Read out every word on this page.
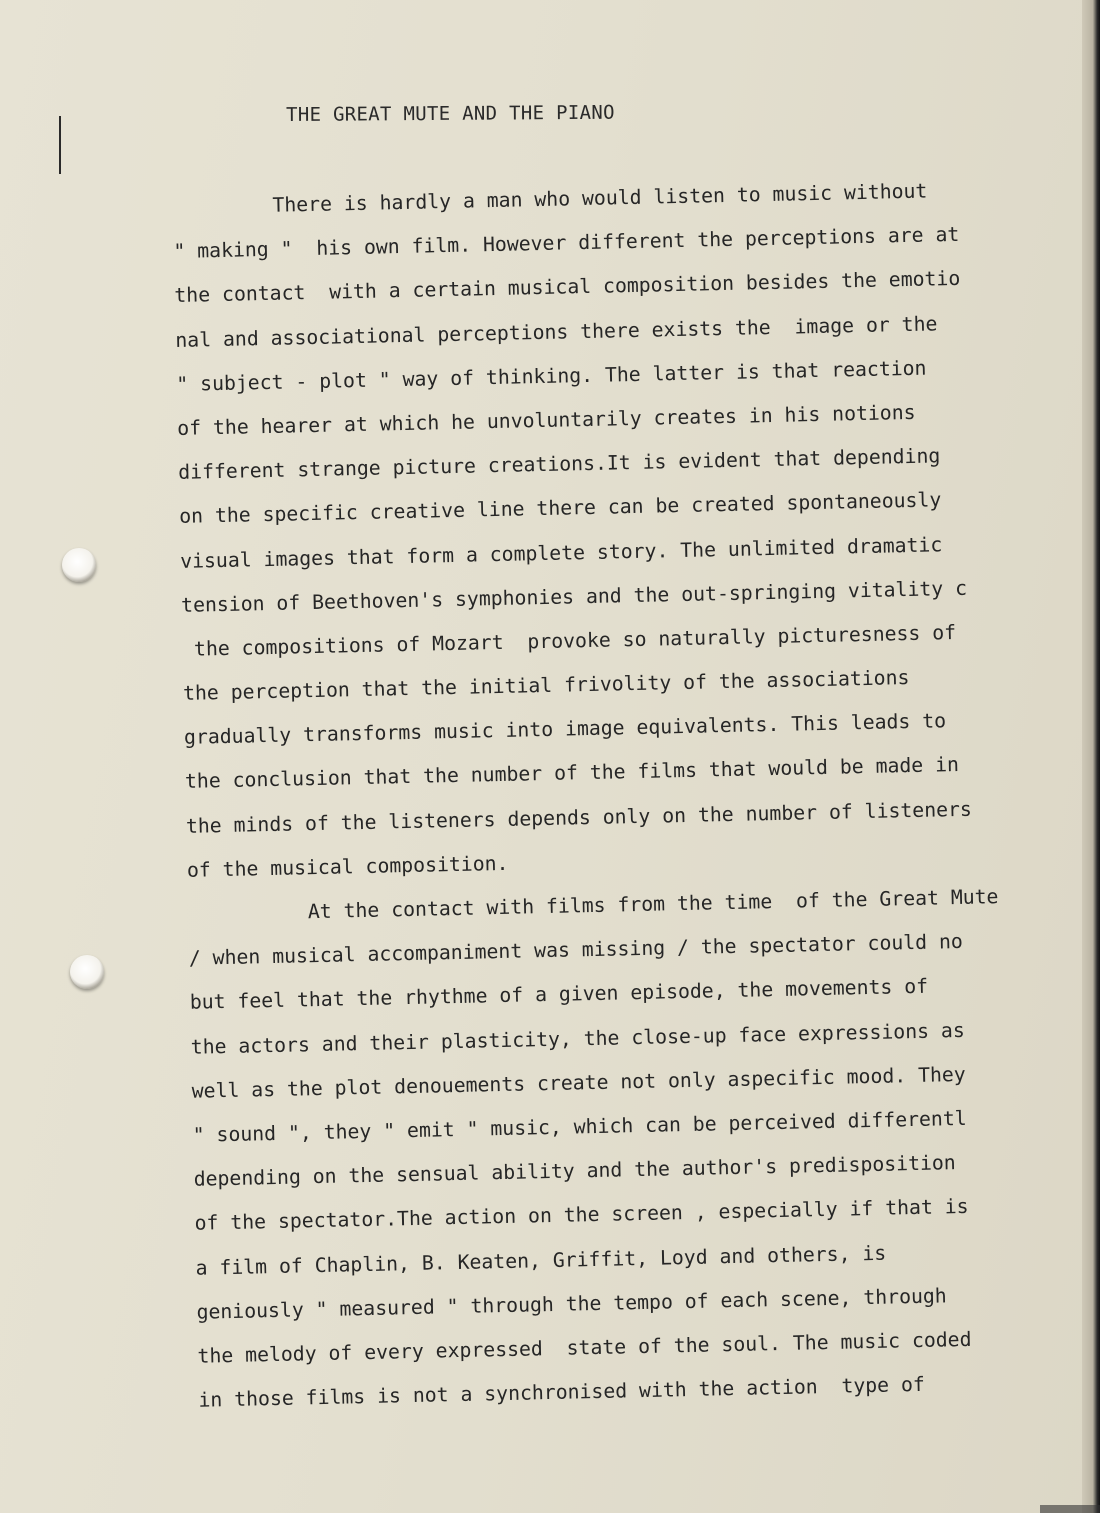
THE GREAT MUTE AND THE PIANO
There is hardly a man who would listen to music without
" making "  his own film. However different the perceptions are at
the contact  with a certain musical composition besides the emotio
nal and associational perceptions there exists the  image or the
" subject - plot " way of thinking. The latter is that reaction
of the hearer at which he unvoluntarily creates in his notions
different strange picture creations.It is evident that depending
on the specific creative line there can be created spontaneously
visual images that form a complete story. The unlimited dramatic
tension of Beethoven's symphonies and the out-springing vitality c
the compositions of Mozart  provoke so naturally picturesness of
the perception that the initial frivolity of the associations
gradually transforms music into image equivalents. This leads to
the conclusion that the number of the films that would be made in
the minds of the listeners depends only on the number of listeners
of the musical composition.
At the contact with films from the time  of the Great Mute
/ when musical accompaniment was missing / the spectator could no
but feel that the rhythme of a given episode, the movements of
the actors and their plasticity, the close-up face expressions as
well as the plot denouements create not only aspecific mood. They
" sound ", they " emit " music, which can be perceived differentl
depending on the sensual ability and the author's predisposition
of the spectator.The action on the screen , especially if that is
a film of Chaplin, B. Keaten, Griffit, Loyd and others, is
geniously " measured " through the tempo of each scene, through
the melody of every expressed  state of the soul. The music coded
in those films is not a synchronised with the action  type of
